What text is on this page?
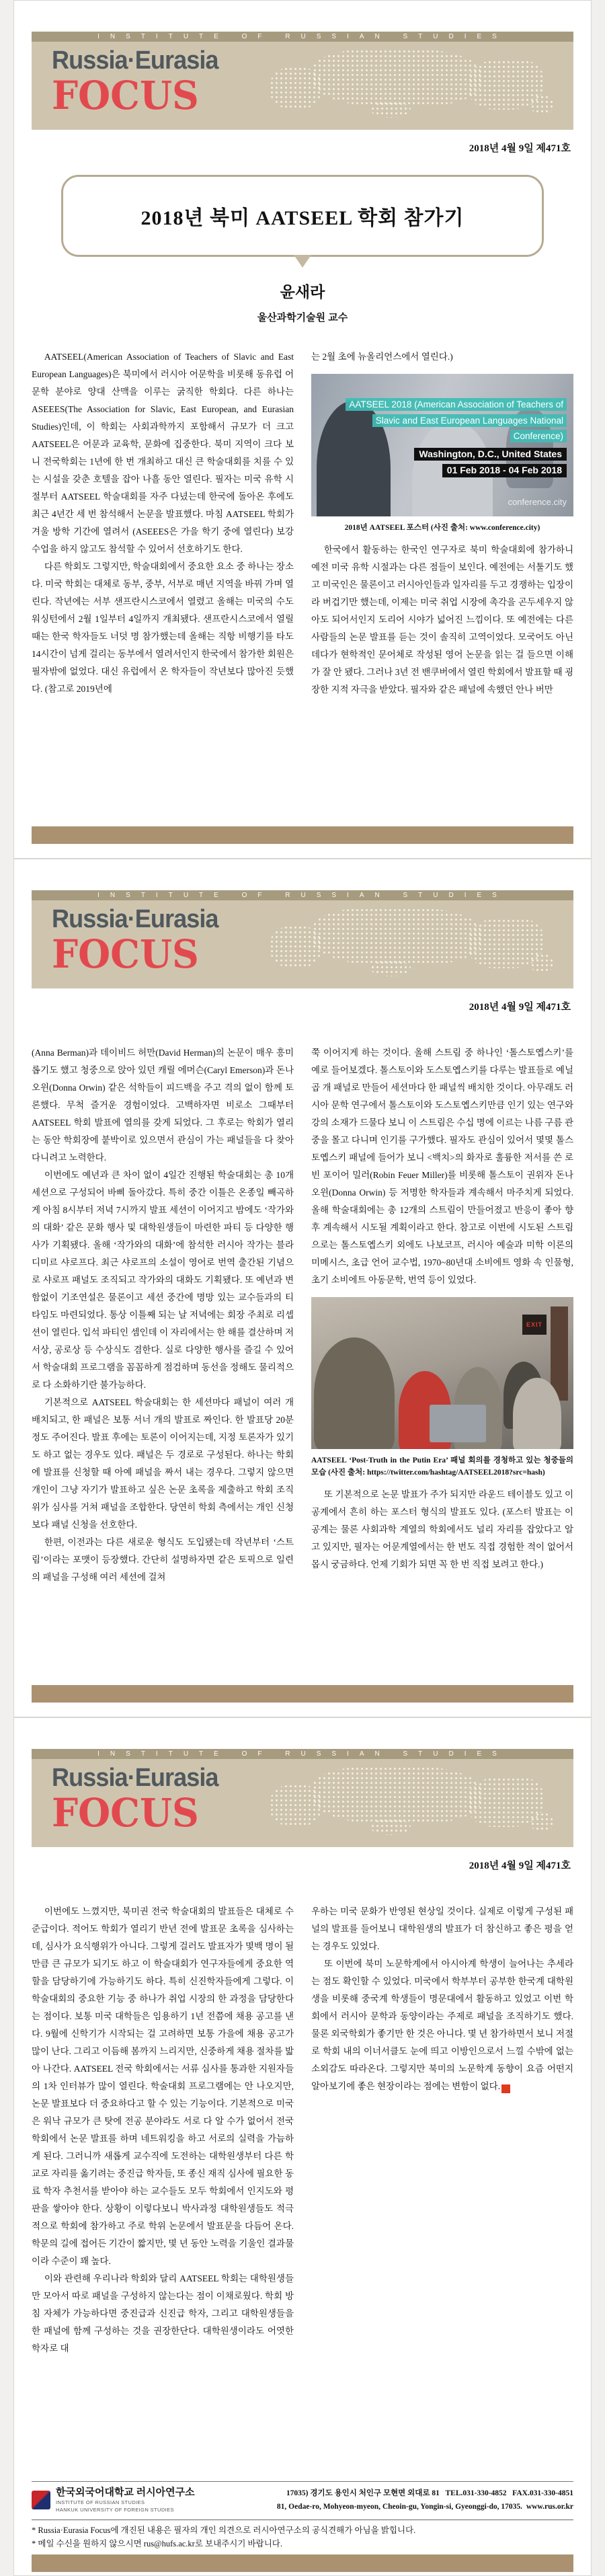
INSTITUTE OF RUSSIAN STUDIES
Russia·Eurasia
FOCUS
2018년 4월 9일 제471호
2018년 북미 AATSEEL 학회 참가기
윤새라
울산과학기술원 교수

AATSEEL(American Association of Teachers of Slavic and East European Languages)은 북미에서 러시아 어문학을 비롯해 동유럽 어문학 분야로 양대 산맥을 이루는 굵직한 학회다. 다른 하나는 ASEEES(The Association for Slavic, East European, and Eurasian Studies)인데, 이 학회는 사회과학까지 포함해서 규모가 더 크고 AATSEEL은 어문과 교육학, 문화에 집중한다. 북미 지역이 크다 보니 전국학회는 1년에 한 번 개최하고 대신 큰 학술대회를 치를 수 있는 시설을 갖춘 호텔을 잡아 나흘 동안 열린다. 필자는 미국 유학 시절부터 AATSEEL 학술대회를 자주 다녔는데 한국에 돌아온 후에도 최근 4년간 세 번 참석해서 논문을 발표했다. 마침 AATSEEL 학회가 겨울 방학 기간에 열려서 (ASEEES은 가을 학기 중에 열린다) 보강 수업을 하지 않고도 참석할 수 있어서 선호하기도 한다.

다른 학회도 그렇지만, 학술대회에서 중요한 요소 중 하나는 장소다. 미국 학회는 대체로 동부, 중부, 서부로 매년 지역을 바꿔 가며 열린다. 작년에는 서부 샌프란시스코에서 열렸고 올해는 미국의 수도 워싱턴에서 2월 1일부터 4일까지 개최됐다. 샌프란시스코에서 열릴 때는 한국 학자들도 너덧 명 참가했는데 올해는 직항 비행기를 타도 14시간이 넘게 걸리는 동부에서 열려서인지 한국에서 참가한 회원은 필자밖에 없었다. 대신 유럽에서 온 학자들이 작년보다 많아진 듯했다. (참고로 2019년에

는 2월 초에 뉴올리언스에서 열린다.)

AATSEEL 2018 (American Association of Teachers of Slavic and East European Languages National Conference)
Washington, D.C., United States
01 Feb 2018 - 04 Feb 2018
conference.city
2018년 AATSEEL 포스터 (사진 출처: www.conference.city)

한국에서 활동하는 한국인 연구자로 북미 학술대회에 참가하니 예전 미국 유학 시절과는 다른 점들이 보인다. 예전에는 서툴기도 했고 미국인은 물론이고 러시아인들과 일자리를 두고 경쟁하는 입장이라 버겁기만 했는데, 이제는 미국 취업 시장에 촉각을 곤두세우지 않아도 되어서인지 도리어 시야가 넓어진 느낌이다. 또 예전에는 다른 사람들의 논문 발표를 듣는 것이 솔직히 고역이었다. 모국어도 아닌 데다가 현학적인 문어체로 작성된 영어 논문을 읽는 걸 들으면 이해가 잘 안 됐다. 그러나 3년 전 밴쿠버에서 열린 학회에서 발표할 때 굉장한 지적 자극을 받았다. 필자와 같은 패널에 속했던 안나 버만

INSTITUTE OF RUSSIAN STUDIES
Russia·Eurasia
FOCUS
2018년 4월 9일 제471호

(Anna Berman)과 데이비드 허만(David Herman)의 논문이 매우 흥미롭기도 했고 청중으로 앉아 있던 캐릴 에머슨(Caryl Emerson)과 돈나 오윈(Donna Orwin) 같은 석학들이 피드백을 주고 격의 없이 함께 토론했다. 무척 즐거운 경험이었다. 고백하자면 비로소 그때부터 AATSEEL 학회 발표에 열의를 갖게 되었다. 그 후로는 학회가 열리는 동안 학회장에 붙박이로 있으면서 관심이 가는 패널들을 다 찾아다니려고 노력한다.

이번에도 예년과 큰 차이 없이 4일간 진행된 학술대회는 총 10개 세션으로 구성되어 바삐 돌아갔다. 특히 중간 이틀은 온종일 빼곡하게 아침 8시부터 저녁 7시까지 발표 세션이 이어지고 밤에도 ‘작가와의 대화’ 같은 문화 행사 및 대학원생들이 마련한 파티 등 다양한 행사가 기획됐다. 올해 ‘작가와의 대화’에 참석한 러시아 작가는 블라디미르 샤로프다. 최근 샤로프의 소설이 영어로 번역 출간된 기념으로 샤로프 패널도 조직되고 작가와의 대화도 기획됐다. 또 예년과 변함없이 기조연설은 물론이고 세션 중간에 명망 있는 교수들과의 티타임도 마련되었다. 통상 이틀째 되는 날 저녁에는 회장 주최로 리셉션이 열린다. 입석 파티인 셈인데 이 자리에서는 한 해를 결산하며 저서상, 공로상 등 수상식도 겸한다. 실로 다양한 행사를 즐길 수 있어서 학술대회 프로그램을 꼼꼼하게 점검하며 동선을 정해도 물리적으로 다 소화하기란 불가능하다.

기본적으로 AATSEEL 학술대회는 한 세션마다 패널이 여러 개 배치되고, 한 패널은 보통 서너 개의 발표로 짜인다. 한 발표당 20분 정도 주어진다. 발표 후에는 토론이 이어지는데, 지정 토론자가 있기도 하고 없는 경우도 있다. 패널은 두 경로로 구성된다. 하나는 학회에 발표를 신청할 때 아예 패널을 짜서 내는 경우다. 그렇지 않으면 개인이 그냥 자기가 발표하고 싶은 논문 초록을 제출하고 학회 조직위가 심사를 거쳐 패널을 조합한다. 당연히 학회 측에서는 개인 신청보다 패널 신청을 선호한다.

한편, 이전과는 다른 새로운 형식도 도입됐는데 작년부터 ‘스트림’이라는 포맷이 등장했다. 간단히 설명하자면 같은 토픽으로 일련의 패널을 구성해 여러 세션에 걸쳐

쭉 이어지게 하는 것이다. 올해 스트림 중 하나인 ‘톨스토옙스키’를 예로 들어보겠다. 톨스토이와 도스토옙스키를 다루는 발표들로 예닐곱 개 패널로 만들어 세션마다 한 패널씩 배치한 것이다. 아무래도 러시아 문학 연구에서 톨스토이와 도스토옙스키만큼 인기 있는 연구와 강의 소재가 드물다 보니 이 스트림은 수십 명에 이르는 나름 구름 관중을 몰고 다니며 인기를 구가했다. 필자도 관심이 있어서 몇몇 톨스토옙스키 패널에 들어가 보니 <백치>의 화자로 훌륭한 저서를 쓴 로빈 포이어 밀러(Robin Feuer Miller)를 비롯해 톨스토이 권위자 돈나 오윈(Donna Orwin) 등 저명한 학자들과 계속해서 마주치게 되었다. 올해 학술대회에는 총 12개의 스트림이 만들어졌고 반응이 좋아 향후 계속해서 시도될 계획이라고 한다. 참고로 이번에 시도된 스트림으로는 톨스토옙스키 외에도 나보코프, 러시아 예술과 미학 이론의 미메시스, 초급 언어 교수법, 1970~80년대 소비에트 영화 속 인물형, 초기 소비에트 아동문학, 번역 등이 있었다.

EXIT
AATSEEL ‘Post-Truth in the Putin Era’ 패널 회의를 경청하고 있는 청중들의 모습 (사진 출처: https://twitter.com/hashtag/AATSEEL2018?src=hash)

또 기본적으로 논문 발표가 주가 되지만 라운드 테이블도 있고 이공계에서 흔히 하는 포스터 형식의 발표도 있다. (포스터 발표는 이공계는 물론 사회과학 계열의 학회에서도 널리 자리를 잡았다고 알고 있지만, 필자는 어문계열에서는 한 번도 직접 경험한 적이 없어서 몹시 궁금하다. 언제 기회가 되면 꼭 한 번 직접 보려고 한다.)

INSTITUTE OF RUSSIAN STUDIES
Russia·Eurasia
FOCUS
2018년 4월 9일 제471호

이번에도 느꼈지만, 북미권 전국 학술대회의 발표들은 대체로 수준급이다. 적어도 학회가 열리기 반년 전에 발표문 초록을 심사하는데, 심사가 요식행위가 아니다. 그렇게 걸러도 발표자가 몇백 명이 될 만큼 큰 규모가 되기도 하고 이 학술대회가 연구자들에게 중요한 역할을 담당하기에 가능하기도 하다. 특히 신진학자들에게 그렇다. 이 학술대회의 중요한 기능 중 하나가 취업 시장의 한 과정을 담당한다는 점이다. 보통 미국 대학들은 임용하기 1년 전쯤에 채용 공고를 낸다. 9월에 신학기가 시작되는 걸 고려하면 보통 가을에 채용 공고가 많이 난다. 그리고 이듬해 봄까지 느리지만, 신중하게 채용 절차를 밟아 나간다. AATSEEL 전국 학회에서는 서류 심사를 통과한 지원자들의 1차 인터뷰가 많이 열린다. 학술대회 프로그램에는 안 나오지만, 논문 발표보다 더 중요하다고 할 수 있는 기능이다. 기본적으로 미국은 워낙 규모가 큰 탓에 전공 분야라도 서로 다 알 수가 없어서 전국 학회에서 논문 발표를 하며 네트워킹을 하고 서로의 실력을 가늠하게 된다. 그러니까 새롭게 교수직에 도전하는 대학원생부터 다른 학교로 자리를 옮기려는 중진급 학자들, 또 종신 재직 심사에 필요한 동료 학자 추천서를 받아야 하는 교수들도 모두 학회에서 인지도와 평판을 쌓아야 한다. 상황이 이렇다보니 박사과정 대학원생들도 적극적으로 학회에 참가하고 주로 학위 논문에서 발표문을 다듬어 온다. 학문의 길에 접어든 기간이 짧지만, 몇 년 동안 노력을 기울인 결과물이라 수준이 꽤 높다.

이와 관련해 우리나라 학회와 달리 AATSEEL 학회는 대학원생들만 모아서 따로 패널을 구성하지 않는다는 점이 이채로웠다. 학회 방침 자체가 가능하다면 중진급과 신진급 학자, 그리고 대학원생들을 한 패널에 함께 구성하는 것을 권장한단다. 대학원생이라도 어엿한 학자로 대

우하는 미국 문화가 반영된 현상일 것이다. 실제로 이렇게 구성된 패널의 발표를 들어보니 대학원생의 발표가 더 참신하고 좋은 평을 얻는 경우도 있었다.

또 이번에 북미 노문학계에서 아시아계 학생이 늘어나는 추세라는 점도 확인할 수 있었다. 미국에서 학부부터 공부한 한국계 대학원생을 비롯해 중국계 학생들이 명문대에서 활동하고 있었고 이번 학회에서 러시아 문학과 동양이라는 주제로 패널을 조직하기도 했다. 물론 외국학회가 좋기만 한 것은 아니다. 몇 년 참가하면서 보니 저절로 학회 내의 이너서클도 눈에 띄고 이방인으로서 느낄 수밖에 없는 소외감도 따라온다. 그렇지만 북미의 노문학계 동향이 요즘 어떤지 알아보기에 좋은 현장이라는 점에는 변함이 없다.	RS

한국외국어대학교 러시아연구소
INSTITUTE OF RUSSIAN STUDIES
HANKUK UNIVERSITY OF FOREIGN STUDIES
17035) 경기도 용인시 처인구 모현면 외대로 81 TEL.031-330-4852 FAX.031-330-4851
81, Oedae-ro, Mohyeon-myeon, Cheoin-gu, Yongin-si, Gyeonggi-do, 17035. www.rus.or.kr
* Russia·Eurasia Focus에 개진된 내용은 필자의 개인 의견으로 러시아연구소의 공식견해가 아님을 밝힙니다.
* 메일 수신을 원하지 않으시면 rus@hufs.ac.kr로 보내주시기 바랍니다.
